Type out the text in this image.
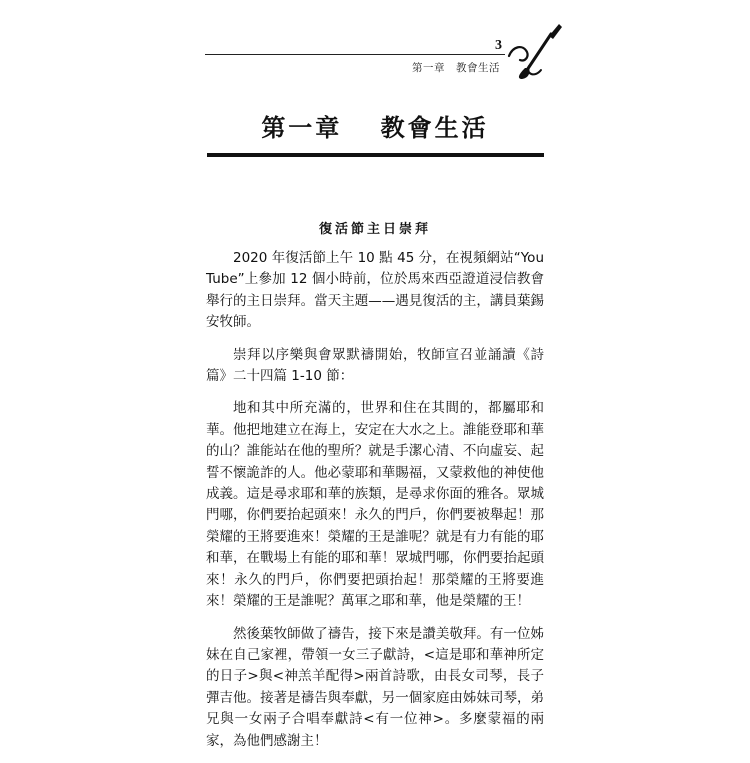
3
第一章　教會生活
第一章　 教會生活
復活節主日崇拜

2020 年復活節上午 10 點 45 分，在視頻網站“YouTube”上參加 12 個小時前，位於馬來西亞證道浸信教會舉行的主日崇拜。當天主題——遇見復活的主，講員葉錫安牧師。

崇拜以序樂與會眾默禱開始，牧師宣召並誦讀《詩篇》二十四篇 1-10 節：

地和其中所充滿的，世界和住在其間的，都屬耶和華。他把地建立在海上，安定在大水之上。誰能登耶和華的山？誰能站在他的聖所？就是手潔心清、不向虛妄、起誓不懷詭詐的人。他必蒙耶和華賜福，又蒙救他的神使他成義。這是尋求耶和華的族類，是尋求你面的雅各。眾城門哪，你們要抬起頭來！永久的門戶，你們要被舉起！那榮耀的王將要進來！榮耀的王是誰呢？就是有力有能的耶和華，在戰場上有能的耶和華！眾城門哪，你們要抬起頭來！永久的門戶，你們要把頭抬起！那榮耀的王將要進來！榮耀的王是誰呢？萬軍之耶和華，他是榮耀的王！

然後葉牧師做了禱告，接下來是讚美敬拜。有一位姊妹在自己家裡，帶領一女三子獻詩，<這是耶和華神所定的日子>與<神羔羊配得>兩首詩歌，由長女司琴，長子彈吉他。接著是禱告與奉獻，另一個家庭由姊妹司琴，弟兄與一女兩子合唱奉獻詩<有一位神>。多麼蒙福的兩家，為他們感謝主！
